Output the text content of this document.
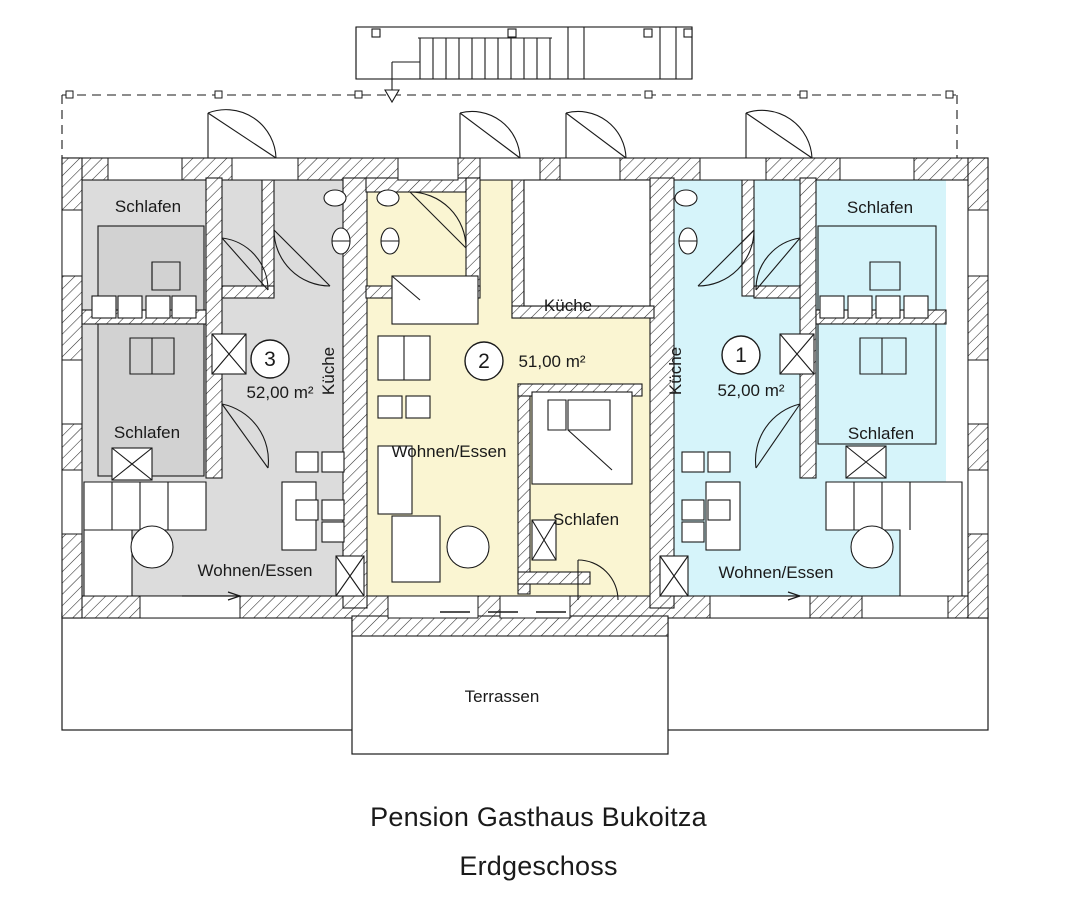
Schlafen
Schlafen
Küche
Wohnen/Essen
3
52,00 m²
Küche
Wohnen/Essen
Schlafen
2 51,00 m²
Schlafen
Schlafen
Küche
Wohnen/Essen
1
52,00 m²
Terrassen
Pension Gasthaus Bukoitza
Erdgeschoss
